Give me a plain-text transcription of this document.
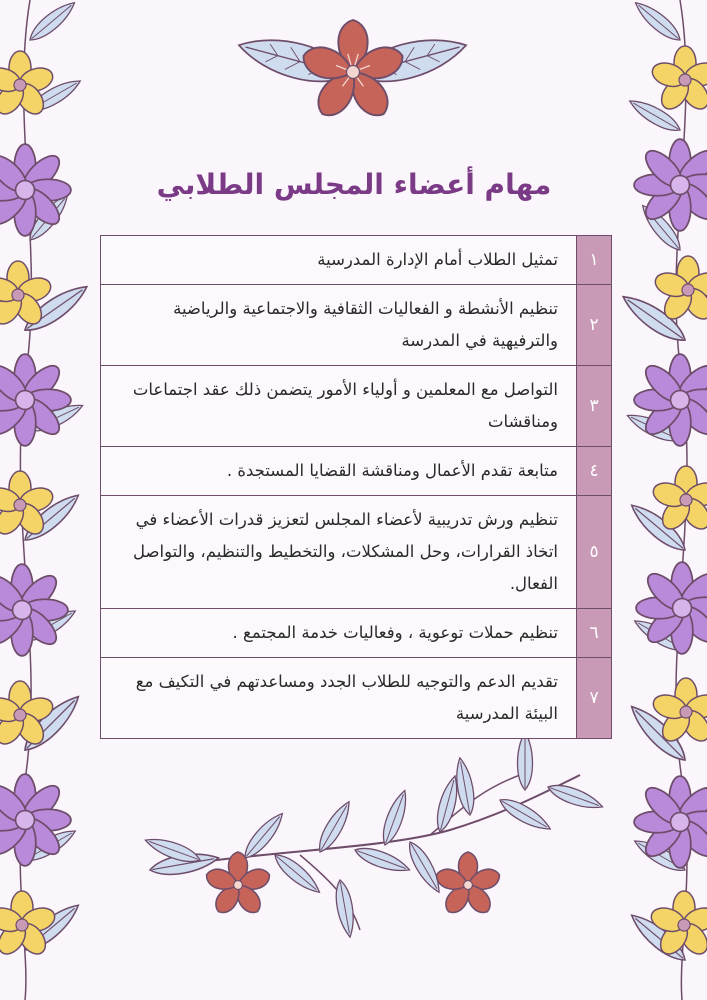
مهام أعضاء المجلس الطلابي
١
تمثيل الطلاب أمام الإدارة المدرسية
٢
تنظيم الأنشطة و الفعاليات الثقافية والاجتماعية والرياضية والترفيهية في المدرسة
٣
التواصل مع المعلمين و أولياء الأمور يتضمن ذلك عقد اجتماعات ومناقشات
٤
متابعة تقدم الأعمال ومناقشة القضايا المستجدة .
٥
تنظيم ورش تدريبية لأعضاء المجلس لتعزيز قدرات الأعضاء في اتخاذ القرارات، وحل المشكلات، والتخطيط والتنظيم، والتواصل الفعال.
٦
تنظيم حملات توعوية ، وفعاليات خدمة المجتمع .
٧
تقديم الدعم والتوجيه للطلاب الجدد ومساعدتهم في التكيف مع البيئة المدرسية
